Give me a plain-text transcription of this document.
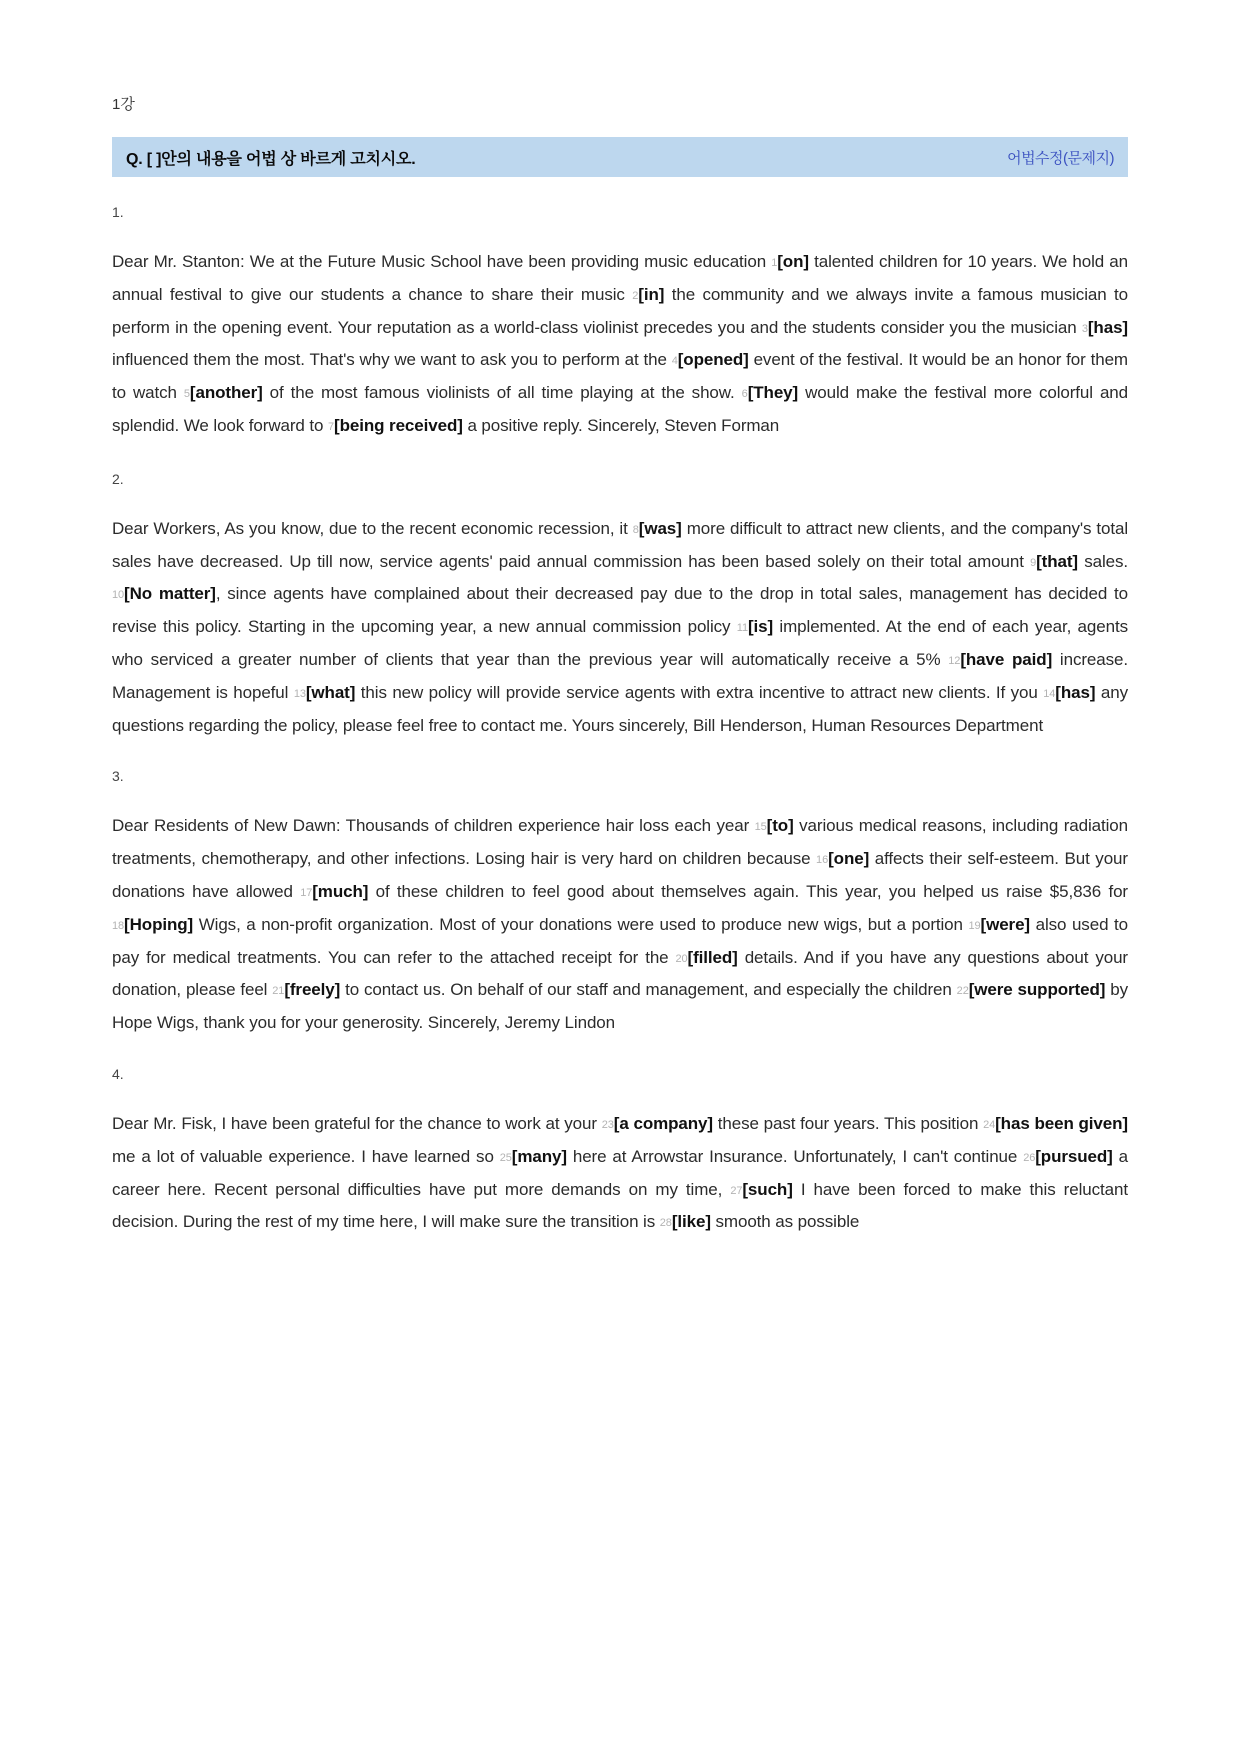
1강
Q. [ ]안의 내용을 어법 상 바르게 고치시오.	어법수정(문제지)
1.

Dear Mr. Stanton: We at the Future Music School have been providing music education 1[on] talented children for 10 years. We hold an annual festival to give our students a chance to share their music 2[in] the community and we always invite a famous musician to perform in the opening event. Your reputation as a world-class violinist precedes you and the students consider you the musician 3[has] influenced them the most. That's why we want to ask you to perform at the 4[opened] event of the festival. It would be an honor for them to watch 5[another] of the most famous violinists of all time playing at the show. 6[They] would make the festival more colorful and splendid. We look forward to 7[being received] a positive reply. Sincerely, Steven Forman

2.

Dear Workers, As you know, due to the recent economic recession, it 8[was] more difficult to attract new clients, and the company's total sales have decreased. Up till now, service agents' paid annual commission has been based solely on their total amount 9[that] sales. 10[No matter], since agents have complained about their decreased pay due to the drop in total sales, management has decided to revise this policy. Starting in the upcoming year, a new annual commission policy 11[is] implemented. At the end of each year, agents who serviced a greater number of clients that year than the previous year will automatically receive a 5% 12[have paid] increase. Management is hopeful 13[what] this new policy will provide service agents with extra incentive to attract new clients. If you 14[has] any questions regarding the policy, please feel free to contact me. Yours sincerely, Bill Henderson, Human Resources Department

3.

Dear Residents of New Dawn: Thousands of children experience hair loss each year 15[to] various medical reasons, including radiation treatments, chemotherapy, and other infections. Losing hair is very hard on children because 16[one] affects their self-esteem. But your donations have allowed 17[much] of these children to feel good about themselves again. This year, you helped us raise $5,836 for 18[Hoping] Wigs, a non-profit organization. Most of your donations were used to produce new wigs, but a portion 19[were] also used to pay for medical treatments. You can refer to the attached receipt for the 20[filled] details. And if you have any questions about your donation, please feel 21[freely] to contact us. On behalf of our staff and management, and especially the children 22[were supported] by Hope Wigs, thank you for your generosity. Sincerely, Jeremy Lindon

4.

Dear Mr. Fisk, I have been grateful for the chance to work at your 23[a company] these past four years. This position 24[has been given] me a lot of valuable experience. I have learned so 25[many] here at Arrowstar Insurance. Unfortunately, I can't continue 26[pursued] a career here. Recent personal difficulties have put more demands on my time, 27[such] I have been forced to make this reluctant decision. During the rest of my time here, I will make sure the transition is 28[like] smooth as possible
